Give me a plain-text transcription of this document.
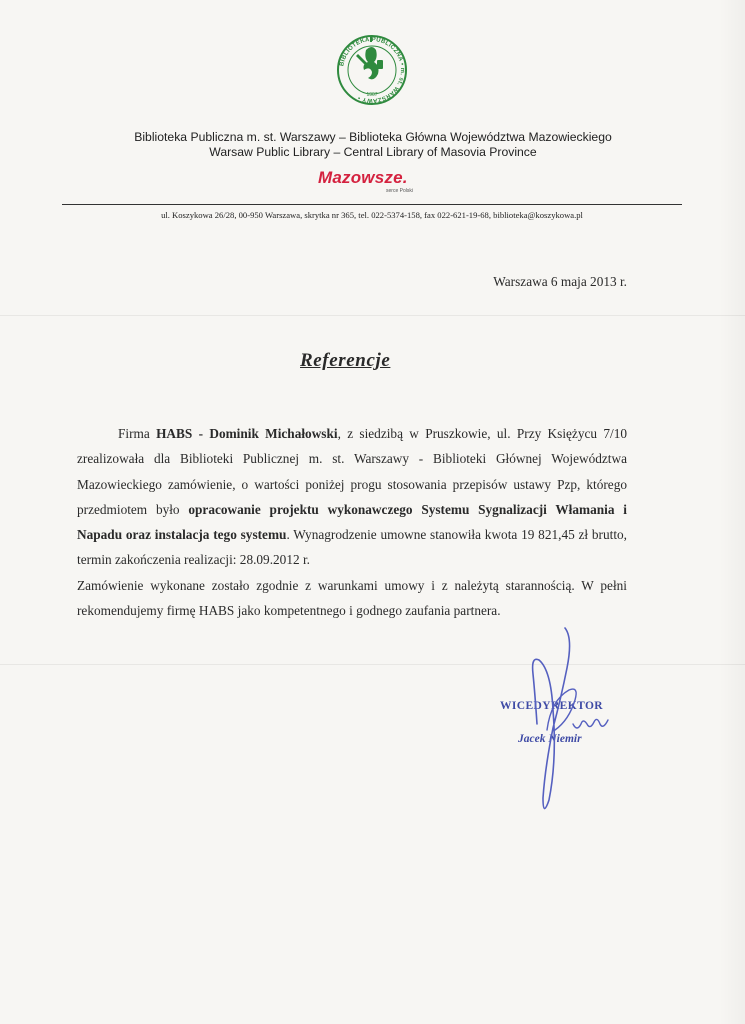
1907
BIBLIOTEKA PUBLICZNA • m. st. WARSZAWY •
Biblioteka Publiczna m. st. Warszawy – Biblioteka Główna Województwa Mazowieckiego
Warsaw Public Library – Central Library of Masovia Province
Mazowsze.
serce Polski
ul. Koszykowa 26/28, 00-950 Warszawa, skrytka nr 365, tel. 022-5374-158, fax 022-621-19-68, biblioteka@koszykowa.pl
Warszawa 6 maja 2013 r.
Referencje

Firma HABS - Dominik Michałowski, z siedzibą w Pruszkowie, ul. Przy Księżycu 7/10 zrealizowała dla Biblioteki Publicznej m. st. Warszawy - Biblioteki Głównej Województwa Mazowieckiego zamówienie, o wartości poniżej progu stosowania przepisów ustawy Pzp, którego przedmiotem było opracowanie projektu wykonawczego Systemu Sygnalizacji Włamania i Napadu oraz instalacja tego systemu. Wynagrodzenie umowne stanowiła kwota 19 821,45 zł brutto, termin zakończenia realizacji: 28.09.2012 r.

Zamówienie wykonane zostało zgodnie z warunkami umowy i z należytą starannością. W pełni rekomendujemy firmę HABS jako kompetentnego i godnego zaufania partnera.

WICEDYREKTOR
Jacek Niemir
